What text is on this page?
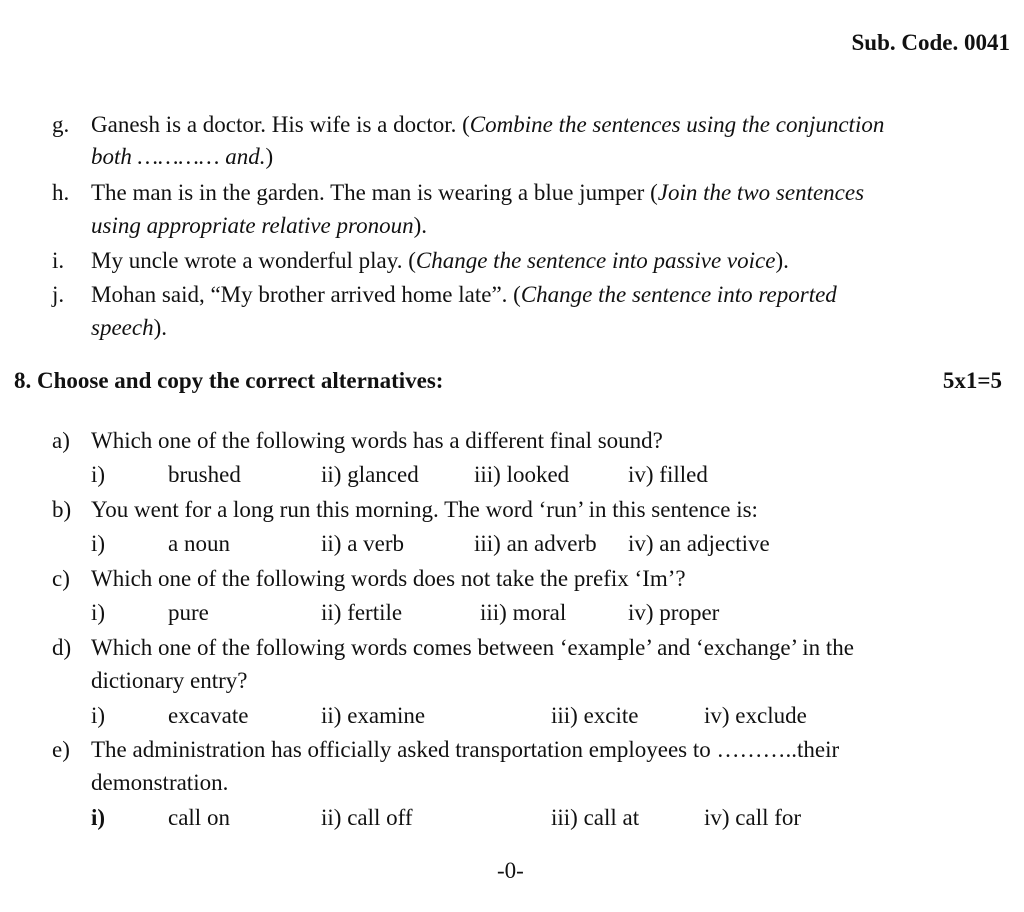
Sub. Code. 0041
g. Ganesh is a doctor. His wife is a doctor. (Combine the sentences using the conjunction
both ………… and.)
h. The man is in the garden. The man is wearing a blue jumper (Join the two sentences
using appropriate relative pronoun).
i. My uncle wrote a wonderful play. (Change the sentence into passive voice).
j. Mohan said, “My brother arrived home late”. (Change the sentence into reported
speech).
8. Choose and copy the correct alternatives:	5x1=5
a) Which one of the following words has a different final sound?
i)	brushed	ii) glanced iii) looked	iv) filled
b) You went for a long run this morning. The word ‘run’ in this sentence is:
i)	a noun	ii) a verb	iii) an adverb iv) an adjective
c) Which one of the following words does not take the prefix ‘Im’?
i)	pure	ii) fertile	iii) moral	iv) proper
d) Which one of the following words comes between ‘example’ and ‘exchange’ in the
dictionary entry?
i)	excavate	ii) examine	iii) excite	iv) exclude
e) The administration has officially asked transportation employees to ………..their
demonstration.
i)	call on	ii) call off	iii) call at	iv) call for
-0-
